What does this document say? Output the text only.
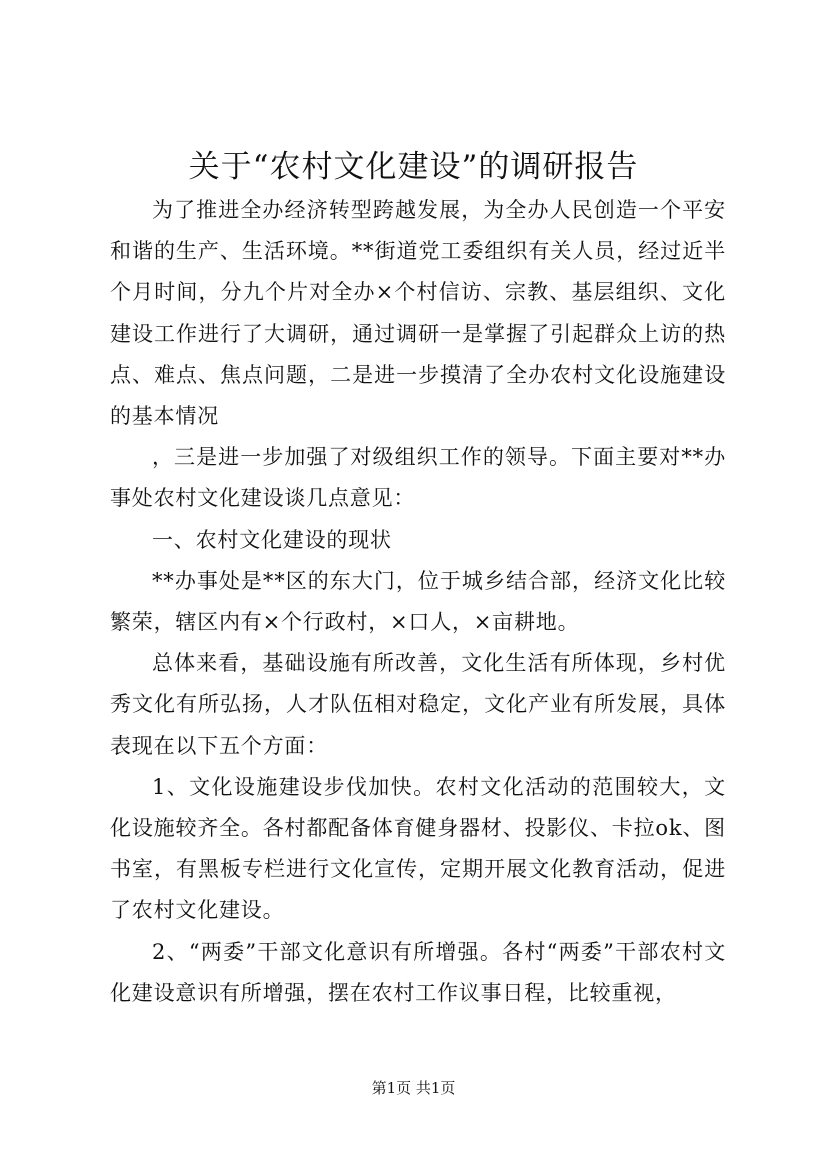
关于“农村文化建设”的调研报告

为了推进全办经济转型跨越发展，为全办人民创造一个平安和谐的生产、生活环境。**街道党工委组织有关人员，经过近半个月时间，分九个片对全办×个村信访、宗教、基层组织、文化建设工作进行了大调研，通过调研一是掌握了引起群众上访的热点、难点、焦点问题，二是进一步摸清了全办农村文化设施建设的基本情况

，三是进一步加强了对级组织工作的领导。下面主要对**办事处农村文化建设谈几点意见：

一、农村文化建设的现状

**办事处是**区的东大门，位于城乡结合部，经济文化比较繁荣，辖区内有×个行政村，×口人，×亩耕地。

总体来看，基础设施有所改善，文化生活有所体现，乡村优秀文化有所弘扬，人才队伍相对稳定，文化产业有所发展，具体表现在以下五个方面：

1、文化设施建设步伐加快。农村文化活动的范围较大，文化设施较齐全。各村都配备体育健身器材、投影仪、卡拉ok、图书室，有黑板专栏进行文化宣传，定期开展文化教育活动，促进了农村文化建设。

2、“两委”干部文化意识有所增强。各村“两委”干部农村文化建设意识有所增强，摆在农村工作议事日程，比较重视，

第1页 共1页
